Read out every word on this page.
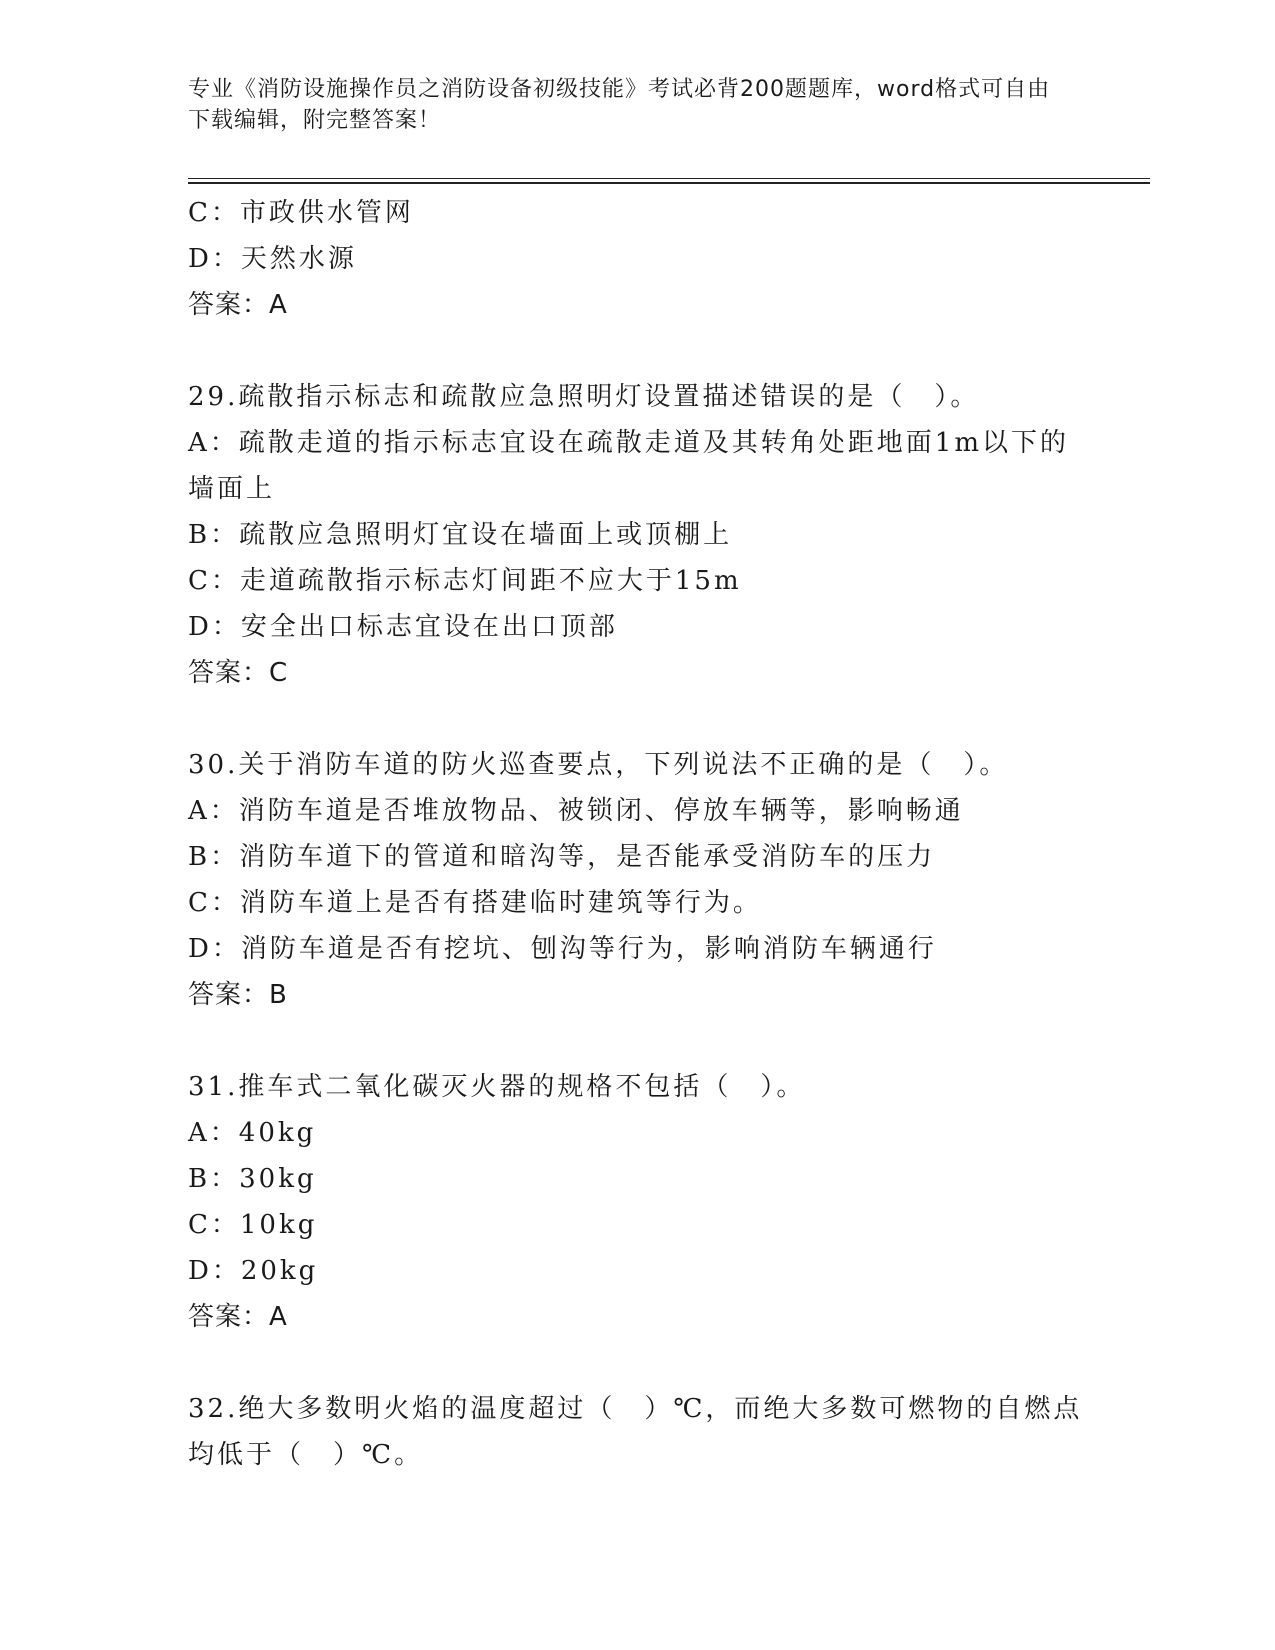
专业《消防设施操作员之消防设备初级技能》考试必背200题题库，word格式可自由下载编辑，附完整答案！
C：市政供水管网
D：天然水源
答案：A
29.疏散指示标志和疏散应急照明灯设置描述错误的是（　）。
A：疏散走道的指示标志宜设在疏散走道及其转角处距地面1m以下的墙面上
B：疏散应急照明灯宜设在墙面上或顶棚上
C：走道疏散指示标志灯间距不应大于15m
D：安全出口标志宜设在出口顶部
答案：C
30.关于消防车道的防火巡查要点，下列说法不正确的是（　）。
A：消防车道是否堆放物品、被锁闭、停放车辆等，影响畅通
B：消防车道下的管道和暗沟等，是否能承受消防车的压力
C：消防车道上是否有搭建临时建筑等行为。
D：消防车道是否有挖坑、刨沟等行为，影响消防车辆通行
答案：B
31.推车式二氧化碳灭火器的规格不包括（　）。
A：40kg
B：30kg
C：10kg
D：20kg
答案：A
32.绝大多数明火焰的温度超过（　）℃，而绝大多数可燃物的自燃点均低于（　）℃。
